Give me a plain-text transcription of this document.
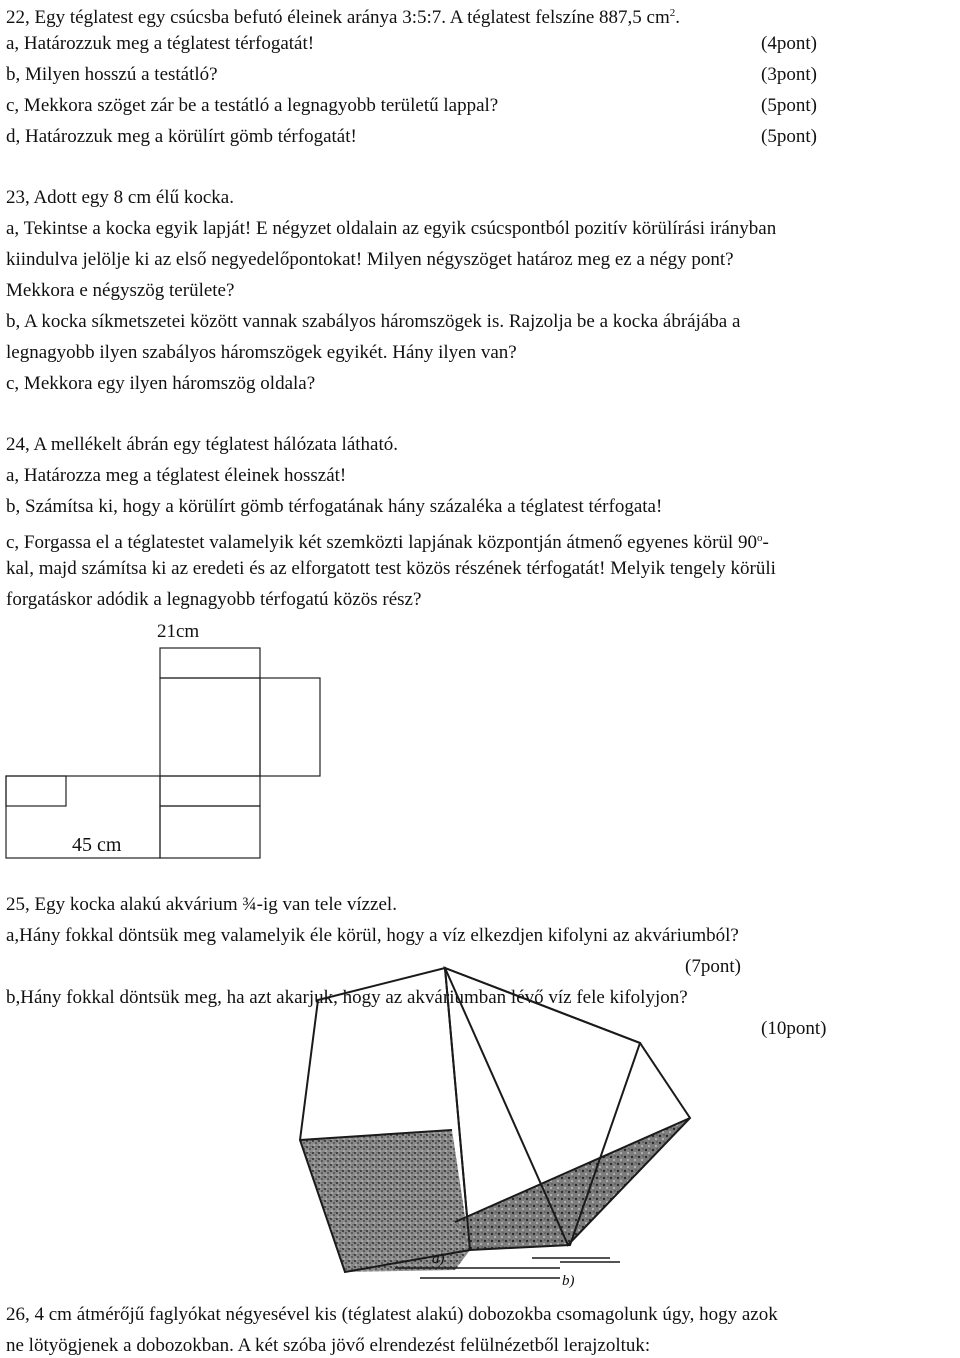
22, Egy téglatest egy csúcsba befutó éleinek aránya 3:5:7. A téglatest felszíne 887,5 $cm^2$.
a, Határozzuk meg a téglatest térfogatát!	(4pont)
b, Milyen hosszú a testátló?	(3pont)
c, Mekkora szöget zár be a testátló a legnagyobb területű lappal?	(5pont)
d, Határozzuk meg a körülírt gömb térfogatát!	(5pont)
23, Adott egy 8 cm élű kocka.
a, Tekintse a kocka egyik lapját! E négyzet oldalain az egyik csúcspontból pozitív körülírási irányban
kiindulva jelölje ki az első negyedelőpontokat! Milyen négyszöget határoz meg ez a négy pont?
Mekkora e négyszög területe?
b, A kocka síkmetszetei között vannak szabályos háromszögek is. Rajzolja be a kocka ábrájába a
legnagyobb ilyen szabályos háromszögek egyikét. Hány ilyen van?
c, Mekkora egy ilyen háromszög oldala?
24, A mellékelt ábrán egy téglatest hálózata látható.
a, Határozza meg a téglatest éleinek hosszát!
b, Számítsa ki, hogy a körülírt gömb térfogatának hány százaléka a téglatest térfogata!
c, Forgassa el a téglatestet valamelyik két szemközti lapjának központján átmenő egyenes körül 90$^o$-
kal, majd számítsa ki az eredeti és az elforgatott test közös részének térfogatát! Melyik tengely körüli
forgatáskor adódik a legnagyobb térfogatú közös rész?
21cm
45 cm
25, Egy kocka alakú akvárium ¾-ig van tele vízzel.
a,Hány fokkal döntsük meg valamelyik éle körül, hogy a víz elkezdjen kifolyni az akváriumból?
(7pont)
b,Hány fokkal döntsük meg, ha azt akarjuk, hogy az akváriumban lévő víz fele kifolyjon?
(10pont)
a)
b)
26, 4 cm átmérőjű faglyókat négyesével kis (téglatest alakú) dobozokba csomagolunk úgy, hogy azok
ne lötyögjenek a dobozokban. A két szóba jövő elrendezést felülnézetből lerajzoltuk:
